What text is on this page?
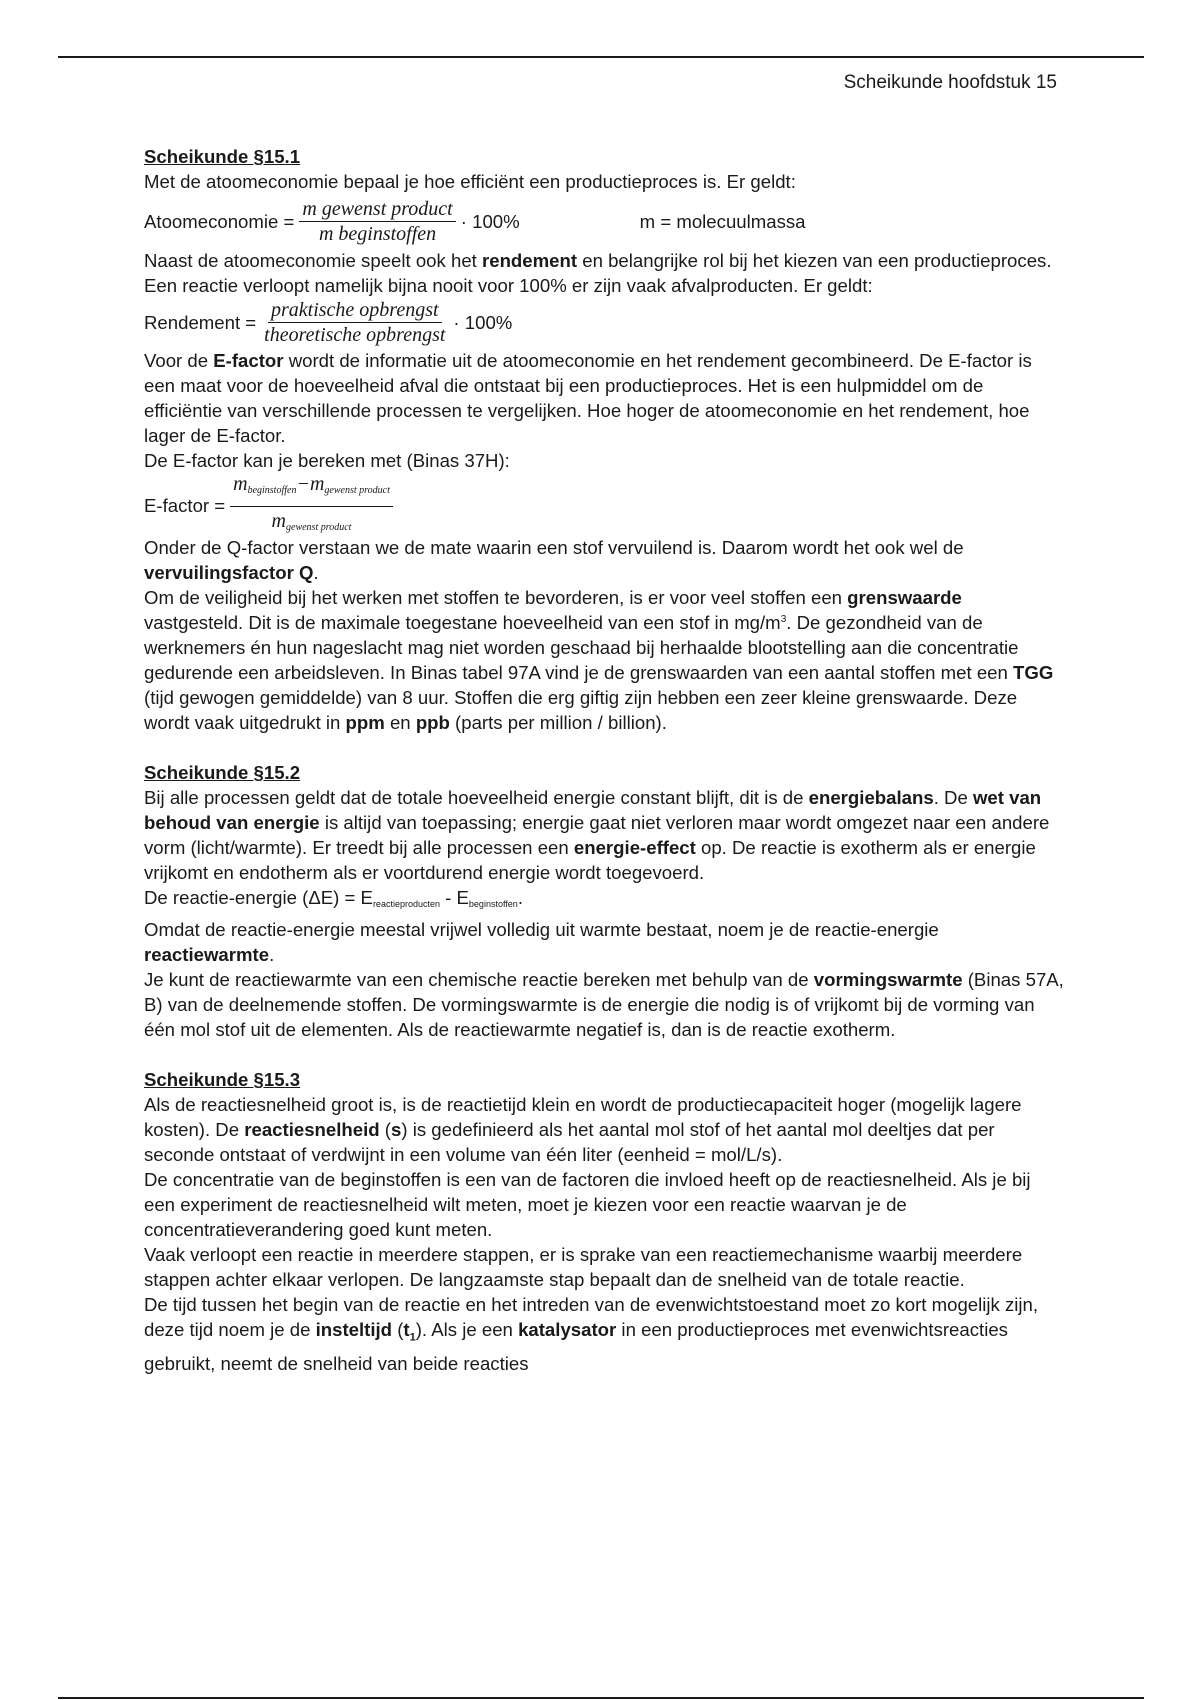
Scheikunde hoofdstuk 15

Scheikunde §15.1

Met de atoomeconomie bepaal je hoe efficiënt een productieproces is. Er geldt:

Atoomeconomie = $\frac{\text{m gewenst product}}{\text{m beginstoffen}} \cdot 100\%$	m = molecuulmassa

Naast de atoomeconomie speelt ook het rendement en belangrijke rol bij het kiezen van een productieproces. Een reactie verloopt namelijk bijna nooit voor 100% er zijn vaak afvalproducten. Er geldt:

Rendement = $\frac{\text{praktische opbrengst}}{\text{theoretische opbrengst}} \cdot 100\%$

Voor de E-factor wordt de informatie uit de atoomeconomie en het rendement gecombineerd. De E-factor is een maat voor de hoeveelheid afval die ontstaat bij een productieproces. Het is een hulpmiddel om de efficiëntie van verschillende processen te vergelijken. Hoe hoger de atoomeconomie en het rendement, hoe lager de E-factor.

De E-factor kan je bereken met (Binas 37H):

E-factor = $\frac{m_{beginstoffen}-m_{gewenst product}}{m_{gewenst product}}$

Onder de Q-factor verstaan we de mate waarin een stof vervuilend is. Daarom wordt het ook wel de vervuilingsfactor Q.

Om de veiligheid bij het werken met stoffen te bevorderen, is er voor veel stoffen een grenswaarde vastgesteld. Dit is de maximale toegestane hoeveelheid van een stof in $mg/m^3$. De gezondheid van de werknemers én hun nageslacht mag niet worden geschaad bij herhaalde blootstelling aan die concentratie gedurende een arbeidsleven. In Binas tabel 97A vind je de grenswaarden van een aantal stoffen met een TGG (tijd gewogen gemiddelde) van 8 uur. Stoffen die erg giftig zijn hebben een zeer kleine grenswaarde. Deze wordt vaak uitgedrukt in ppm en ppb (parts per million / billion).

Scheikunde §15.2

Bij alle processen geldt dat de totale hoeveelheid energie constant blijft, dit is de energiebalans. De wet van behoud van energie is altijd van toepassing; energie gaat niet verloren maar wordt omgezet naar een andere vorm (licht/warmte). Er treedt bij alle processen een energie-effect op. De reactie is exotherm als er energie vrijkomt en endotherm als er voortdurend energie wordt toegevoerd.

De reactie-energie $(\Delta E) = E_{reactieproducten} - E_{beginstoffen}$.

Omdat de reactie-energie meestal vrijwel volledig uit warmte bestaat, noem je de reactie-energie reactiewarmte.

Je kunt de reactiewarmte van een chemische reactie bereken met behulp van de vormingswarmte (Binas 57A, B) van de deelnemende stoffen. De vormingswarmte is de energie die nodig is of vrijkomt bij de vorming van één mol stof uit de elementen. Als de reactiewarmte negatief is, dan is de reactie exotherm.

Scheikunde §15.3

Als de reactiesnelheid groot is, is de reactietijd klein en wordt de productiecapaciteit hoger (mogelijk lagere kosten). De reactiesnelheid (s) is gedefinieerd als het aantal mol stof of het aantal mol deeltjes dat per seconde ontstaat of verdwijnt in een volume van één liter (eenheid = mol/L/s).

De concentratie van de beginstoffen is een van de factoren die invloed heeft op de reactiesnelheid. Als je bij een experiment de reactiesnelheid wilt meten, moet je kiezen voor een reactie waarvan je de concentratieverandering goed kunt meten.

Vaak verloopt een reactie in meerdere stappen, er is sprake van een reactiemechanisme waarbij meerdere stappen achter elkaar verlopen. De langzaamste stap bepaalt dan de snelheid van de totale reactie.

De tijd tussen het begin van de reactie en het intreden van de evenwichtstoestand moet zo kort mogelijk zijn, deze tijd noem je de insteltijd $(t_1)$. Als je een katalysator in een productieproces met evenwichtsreacties gebruikt, neemt de snelheid van beide reacties
